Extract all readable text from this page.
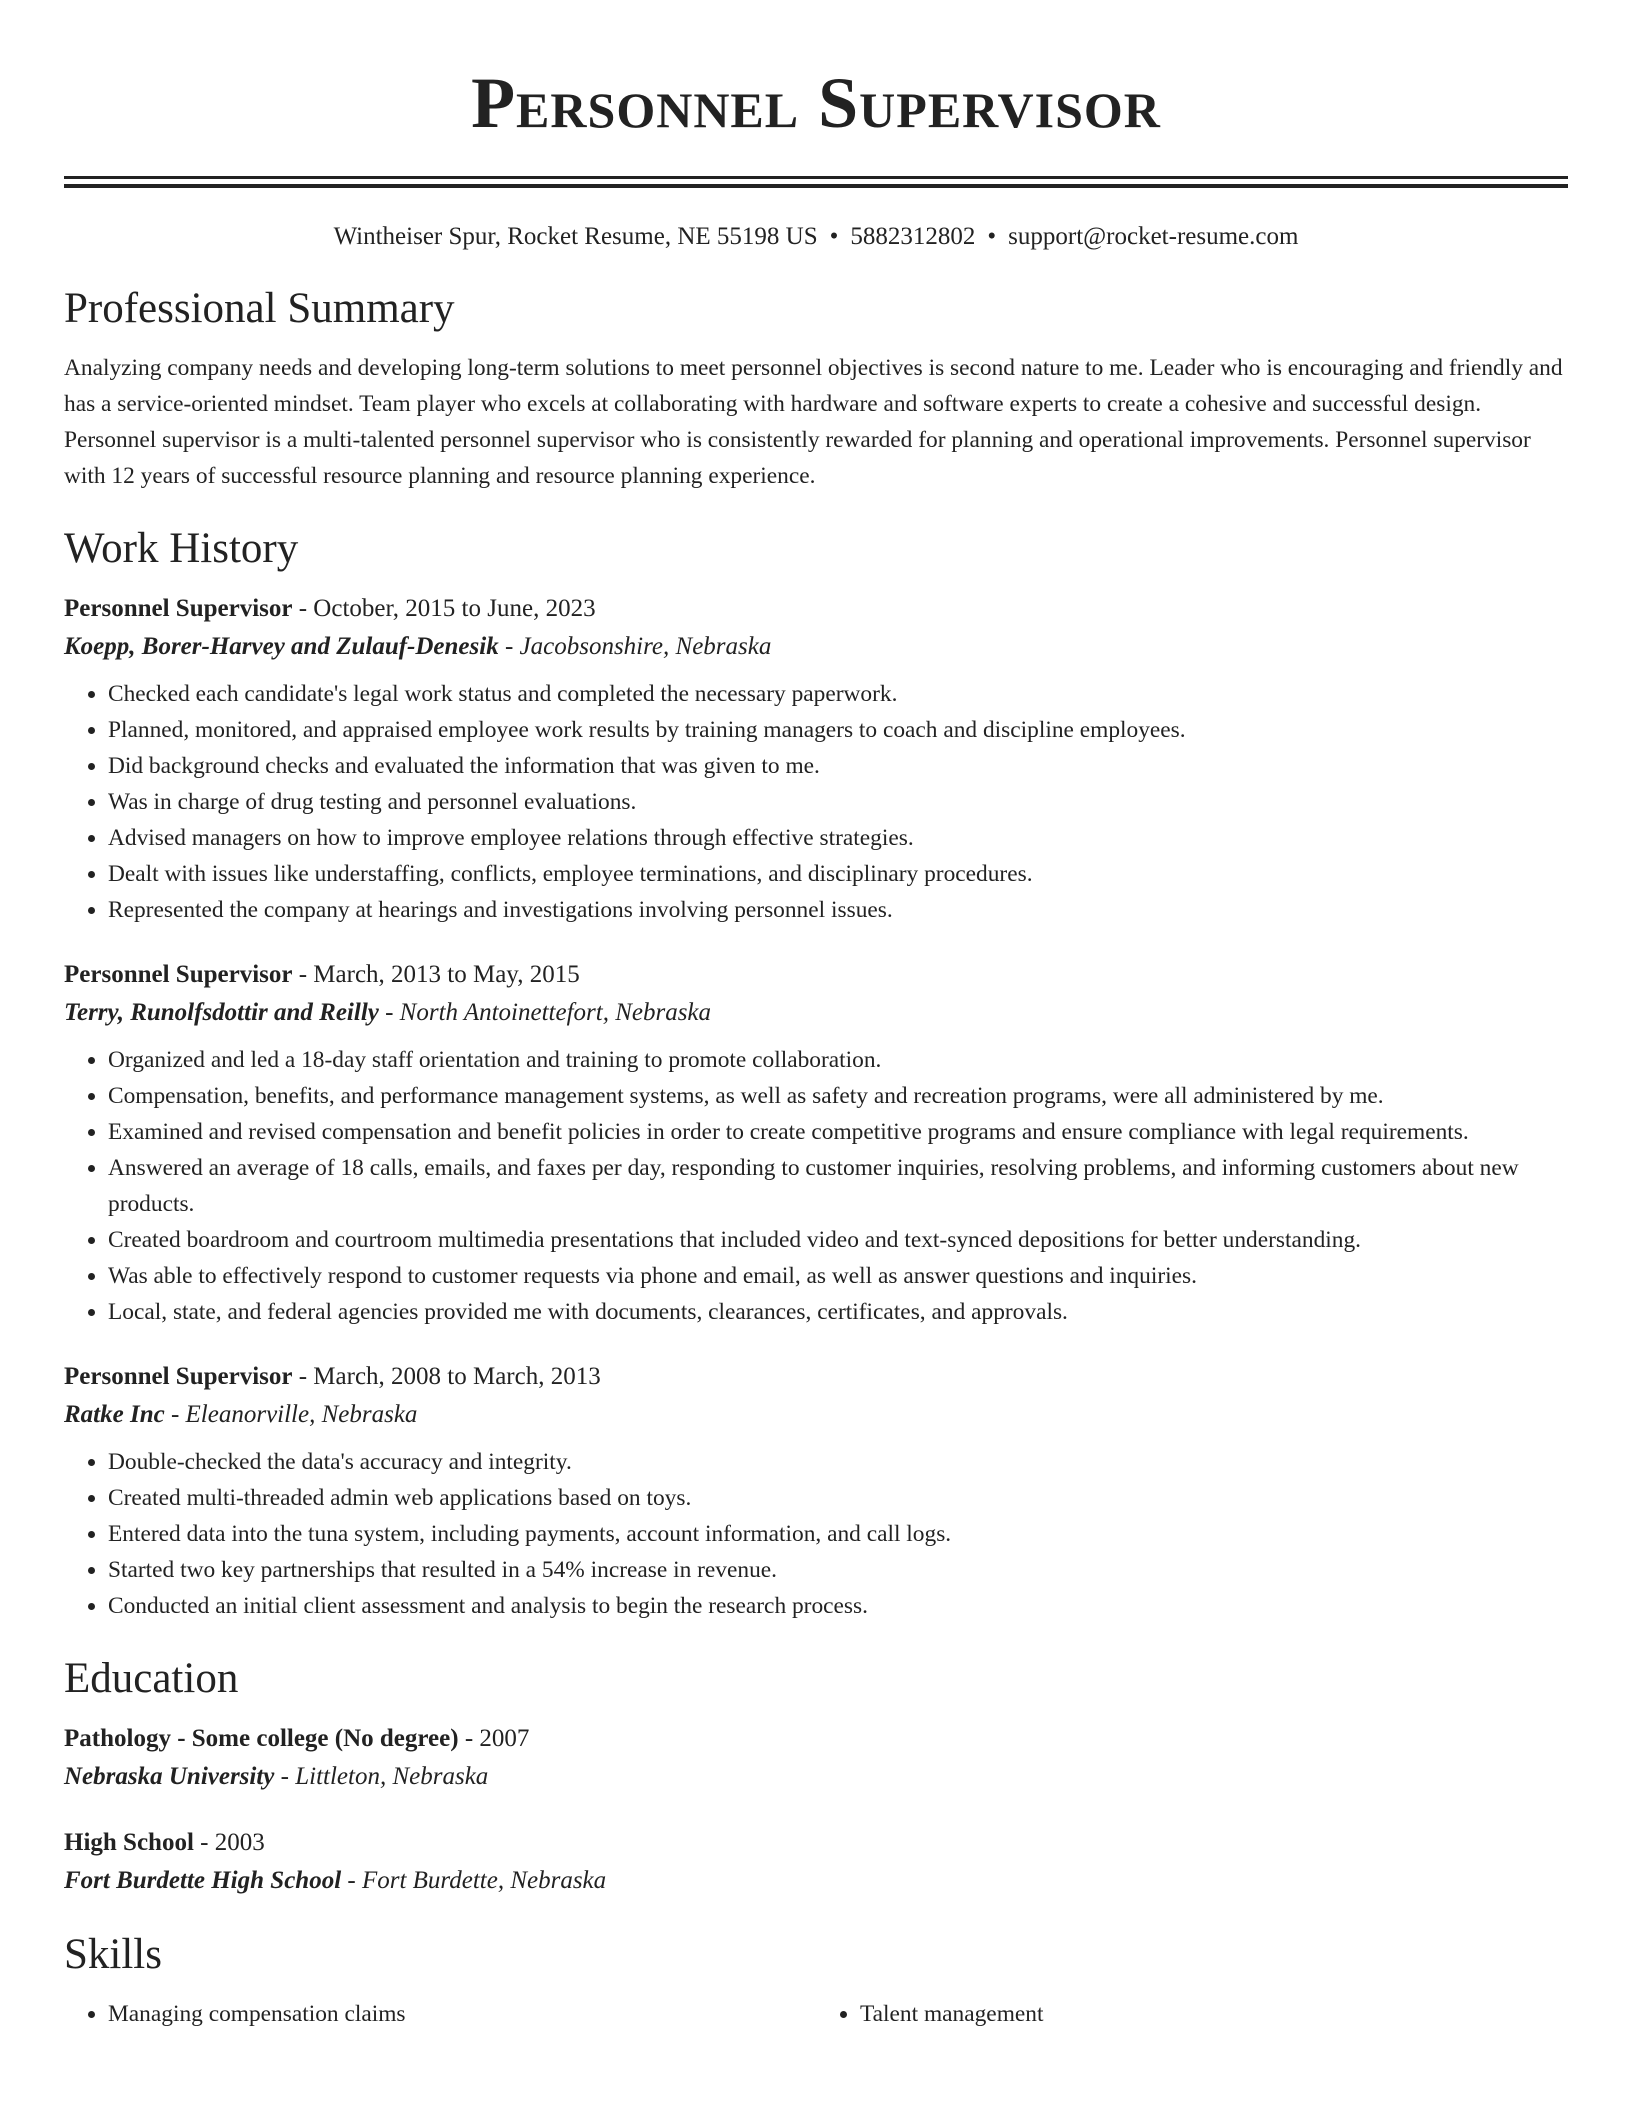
Personnel Supervisor
Wintheiser Spur, Rocket Resume, NE 55198 US • 5882312802 • support@rocket-resume.com
Professional Summary

Analyzing company needs and developing long-term solutions to meet personnel objectives is second nature to me. Leader who is encouraging and friendly and has a service-oriented mindset. Team player who excels at collaborating with hardware and software experts to create a cohesive and successful design. Personnel supervisor is a multi-talented personnel supervisor who is consistently rewarded for planning and operational improvements. Personnel supervisor with 12 years of successful resource planning and resource planning experience.

Work History
Personnel Supervisor - October, 2015 to June, 2023
Koepp, Borer-Harvey and Zulauf-Denesik - Jacobsonshire, Nebraska
• Checked each candidate's legal work status and completed the necessary paperwork.
• Planned, monitored, and appraised employee work results by training managers to coach and discipline employees.
• Did background checks and evaluated the information that was given to me.
• Was in charge of drug testing and personnel evaluations.
• Advised managers on how to improve employee relations through effective strategies.
• Dealt with issues like understaffing, conflicts, employee terminations, and disciplinary procedures.
• Represented the company at hearings and investigations involving personnel issues.
Personnel Supervisor - March, 2013 to May, 2015
Terry, Runolfsdottir and Reilly - North Antoinettefort, Nebraska
• Organized and led a 18-day staff orientation and training to promote collaboration.
• Compensation, benefits, and performance management systems, as well as safety and recreation programs, were all administered by me.
• Examined and revised compensation and benefit policies in order to create competitive programs and ensure compliance with legal requirements.
• Answered an average of 18 calls, emails, and faxes per day, responding to customer inquiries, resolving problems, and informing customers about new products.
• Created boardroom and courtroom multimedia presentations that included video and text-synced depositions for better understanding.
• Was able to effectively respond to customer requests via phone and email, as well as answer questions and inquiries.
• Local, state, and federal agencies provided me with documents, clearances, certificates, and approvals.
Personnel Supervisor - March, 2008 to March, 2013
Ratke Inc - Eleanorville, Nebraska
• Double-checked the data's accuracy and integrity.
• Created multi-threaded admin web applications based on toys.
• Entered data into the tuna system, including payments, account information, and call logs.
• Started two key partnerships that resulted in a 54% increase in revenue.
• Conducted an initial client assessment and analysis to begin the research process.
Education
Pathology - Some college (No degree) - 2007
Nebraska University - Littleton, Nebraska
High School - 2003
Fort Burdette High School - Fort Burdette, Nebraska
Skills
• Managing compensation claims
•	Talent management
